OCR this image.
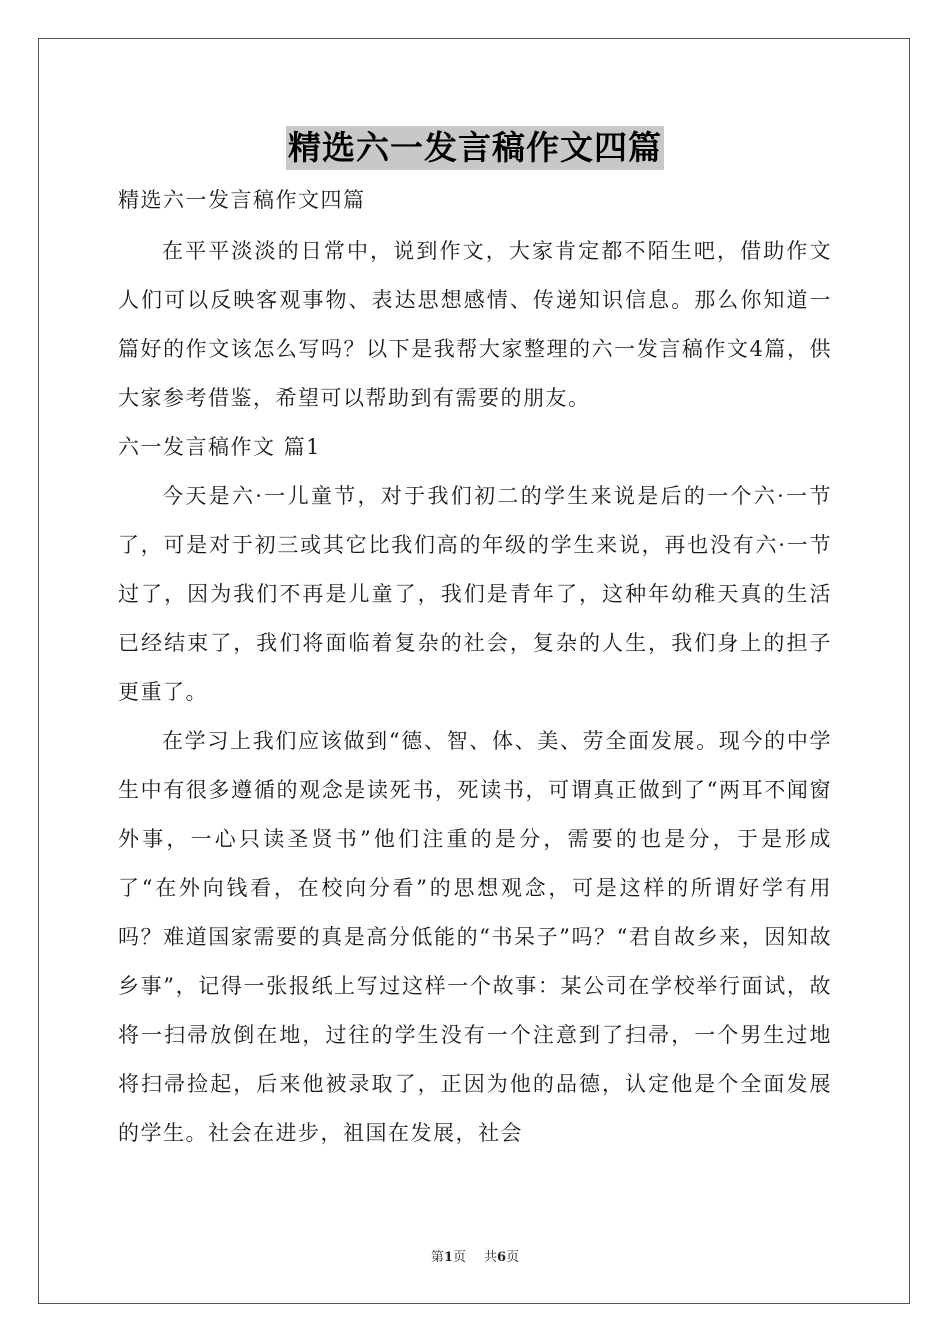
精选六一发言稿作文四篇

精选六一发言稿作文四篇

在平平淡淡的日常中，说到作文，大家肯定都不陌生吧，借助作文人们可以反映客观事物、表达思想感情、传递知识信息。那么你知道一篇好的作文该怎么写吗？以下是我帮大家整理的六一发言稿作文4篇，供大家参考借鉴，希望可以帮助到有需要的朋友。

六一发言稿作文 篇1

今天是六·一儿童节，对于我们初二的学生来说是后的一个六·一节了，可是对于初三或其它比我们高的年级的学生来说，再也没有六·一节过了，因为我们不再是儿童了，我们是青年了，这种年幼稚天真的生活已经结束了，我们将面临着复杂的社会，复杂的人生，我们身上的担子更重了。

在学习上我们应该做到“德、智、体、美、劳全面发展。现今的中学生中有很多遵循的观念是读死书，死读书，可谓真正做到了“两耳不闻窗外事，一心只读圣贤书”他们注重的是分，需要的也是分，于是形成了“在外向钱看，在校向分看”的思想观念，可是这样的所谓好学有用吗？难道国家需要的真是高分低能的“书呆子”吗？“君自故乡来，因知故乡事”，记得一张报纸上写过这样一个故事：某公司在学校举行面试，故将一扫帚放倒在地，过往的学生没有一个注意到了扫帚，一个男生过地将扫帚捡起，后来他被录取了，正因为他的品德，认定他是个全面发展的学生。社会在进步，祖国在发展，社会

第1页 共6页
